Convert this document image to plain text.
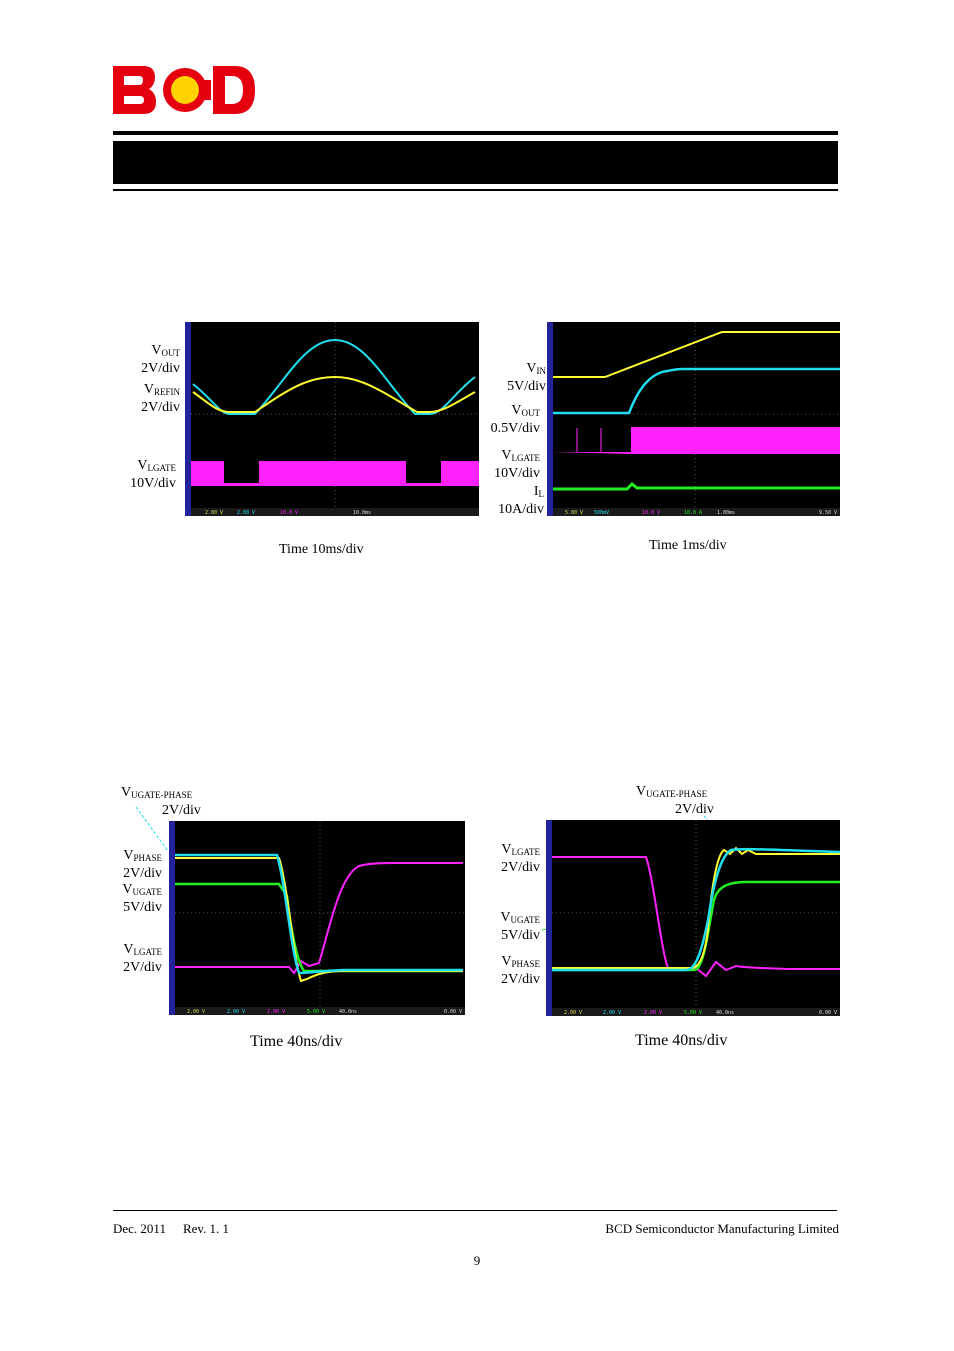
$V_{OUT}$
2V/div
$V_{REFIN}$
2V/div
$V_{LGATE}$
10V/div
2.00 V	2.00 V	10.0 V	10.0ms
Time 10ms/div
$V_{IN}$
5V/div
$V_{OUT}$
0.5V/div
$V_{LGATE}$
10V/div
$I_L$
10A/div	5.00 V 500mV	10.0 V	10.0 A	1.00ms	9.50 V
Time 1ms/div
$V_{UGATE-PHASE}$
2V/div
$V_{PHASE}$
2V/div
$V_{UGATE}$
5V/div
$V_{LGATE}$
2V/div
2.00 V	2.00 V	2.00 V	5.00 V	40.0ns	0.00 V
Time 40ns/div
$V_{UGATE-PHASE}$
2V/div
$V_{LGATE}$
2V/div
$V_{UGATE}$
5V/div
$V_{PHASE}$
2V/div
2.00 V	2.00 V	2.00 V	5.00 V	40.0ns	0.00 V
Time 40ns/div
Dec. 2011 Rev. 1. 1	BCD Semiconductor Manufacturing Limited
9
